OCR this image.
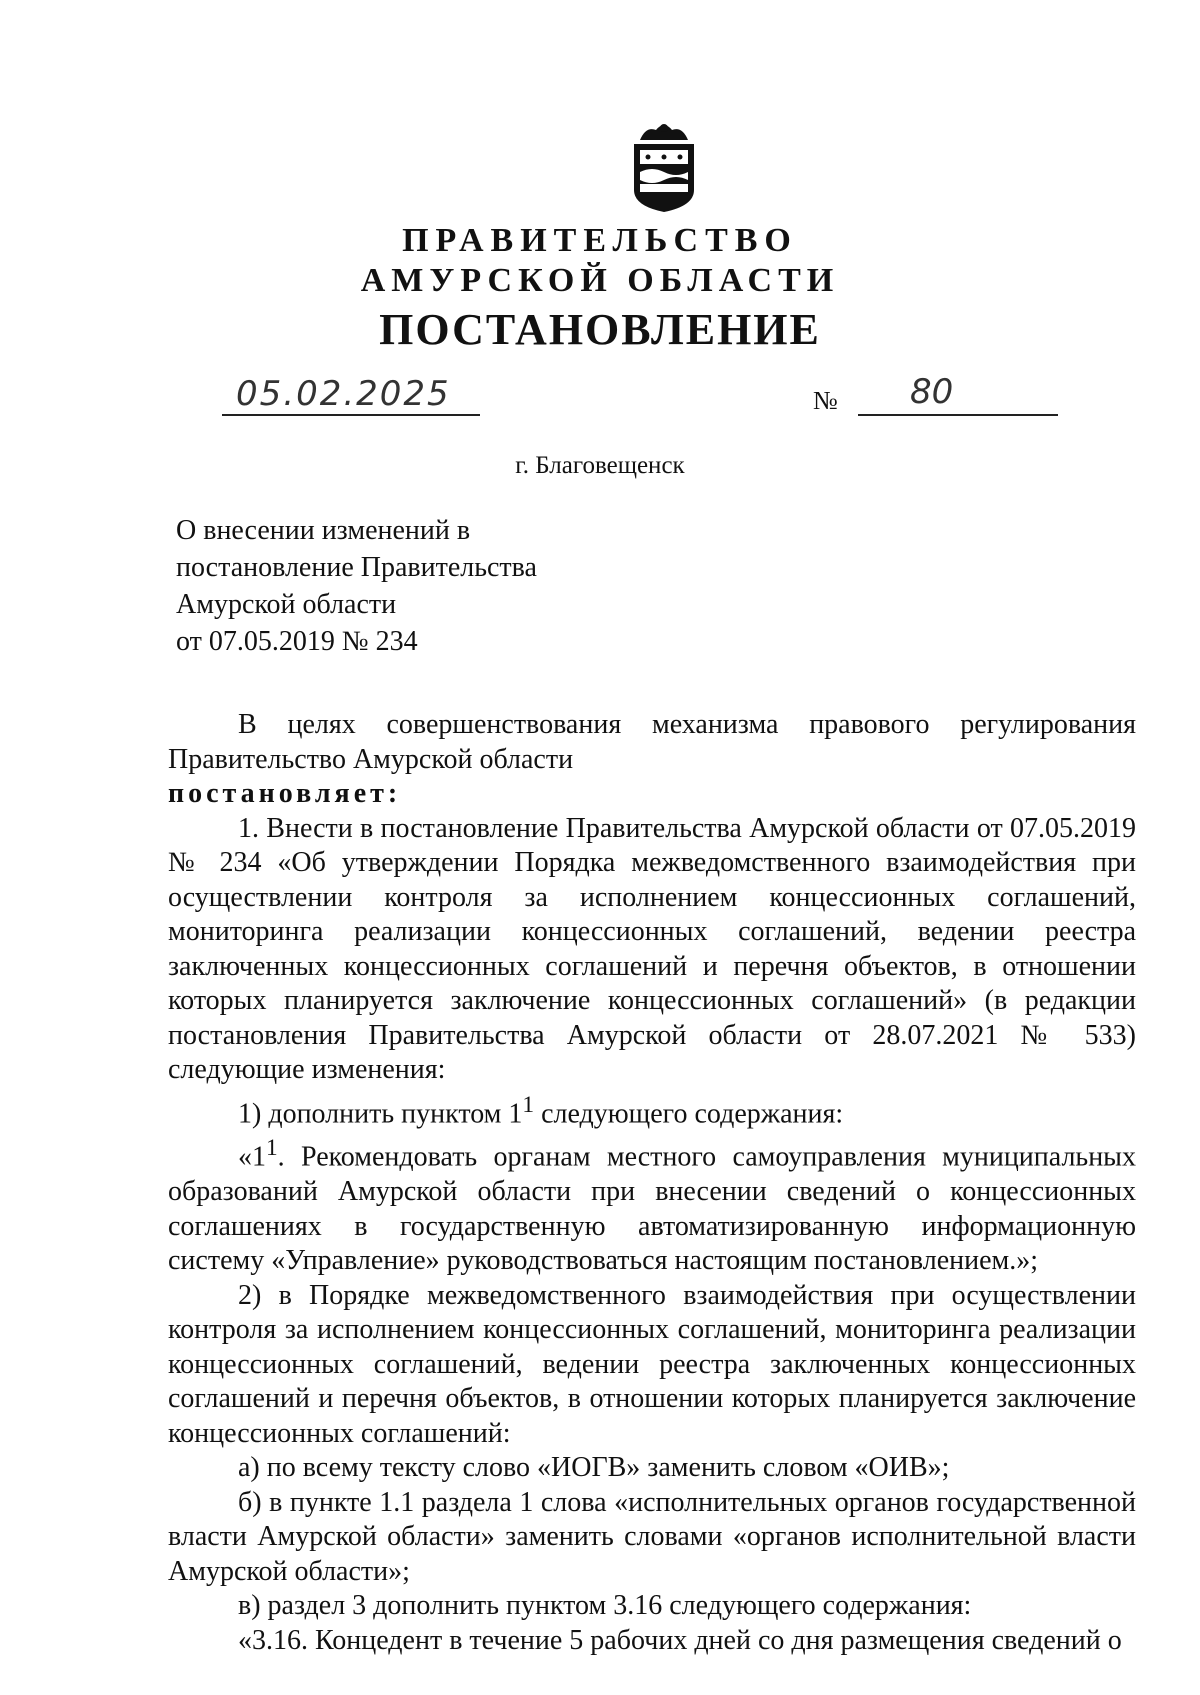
ПРАВИТЕЛЬСТВО
АМУРСКОЙ ОБЛАСТИ
ПОСТАНОВЛЕНИЕ
05.02.2025	№ 80
г. Благовещенск
О внесении изменений в
постановление Правительства
Амурской области
от 07.05.2019 № 234

В целях совершенствования механизма правового регулирования Правительство Амурской области

постановляет:

1. Внести в постановление Правительства Амурской области от 07.05.2019 № 234 «Об утверждении Порядка межведомственного взаимодействия при осуществлении контроля за исполнением концессионных соглашений, мониторинга реализации концессионных соглашений, ведении реестра заключенных концессионных соглашений и перечня объектов, в отношении которых планируется заключение концессионных соглашений» (в редакции постановления Правительства Амурской области от 28.07.2021 № 533) следующие изменения:

1) дополнить пунктом $1^1$ следующего содержания:

«$1^1$. Рекомендовать органам местного самоуправления муниципальных образований Амурской области при внесении сведений о концессионных соглашениях в государственную автоматизированную информационную систему «Управление» руководствоваться настоящим постановлением.»;

2) в Порядке межведомственного взаимодействия при осуществлении контроля за исполнением концессионных соглашений, мониторинга реализации концессионных соглашений, ведении реестра заключенных концессионных соглашений и перечня объектов, в отношении которых планируется заключение концессионных соглашений:

а) по всему тексту слово «ИОГВ» заменить словом «ОИВ»;

б) в пункте 1.1 раздела 1 слова «исполнительных органов государственной власти Амурской области» заменить словами «органов исполнительной власти Амурской области»;

в) раздел 3 дополнить пунктом 3.16 следующего содержания:

«3.16. Концедент в течение 5 рабочих дней со дня размещения сведений о
